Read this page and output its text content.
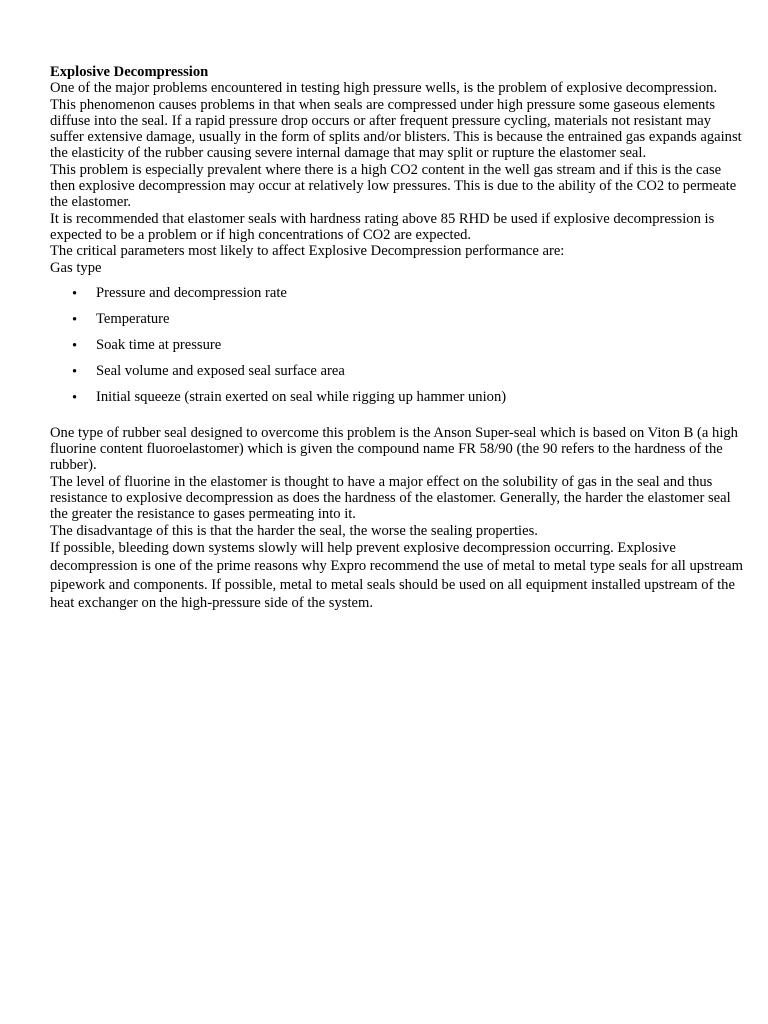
Explosive Decompression

One of the major problems encountered in testing high pressure wells, is the problem of explosive decompression. This phenomenon causes problems in that when seals are compressed under high pressure some gaseous elements diffuse into the seal. If a rapid pressure drop occurs or after frequent pressure cycling, materials not resistant may suffer extensive damage, usually in the form of splits and/or blisters. This is because the entrained gas expands against the elasticity of the rubber causing severe internal damage that may split or rupture the elastomer seal.

This problem is especially prevalent where there is a high CO2 content in the well gas stream and if this is the case then explosive decompression may occur at relatively low pressures. This is due to the ability of the CO2 to permeate the elastomer.

It is recommended that elastomer seals with hardness rating above 85 RHD be used if explosive decompression is expected to be a problem or if high concentrations of CO2 are expected.

The critical parameters most likely to affect Explosive Decompression performance are:

Gas type

• Pressure and decompression rate
• Temperature
• Soak time at pressure
• Seal volume and exposed seal surface area
• Initial squeeze (strain exerted on seal while rigging up hammer union)

One type of rubber seal designed to overcome this problem is the Anson Super-seal which is based on Viton B (a high fluorine content fluoroelastomer) which is given the compound name FR 58/90 (the 90 refers to the hardness of the rubber).

The level of fluorine in the elastomer is thought to have a major effect on the solubility of gas in the seal and thus resistance to explosive decompression as does the hardness of the elastomer. Generally, the harder the elastomer seal the greater the resistance to gases permeating into it.

The disadvantage of this is that the harder the seal, the worse the sealing properties.

If possible, bleeding down systems slowly will help prevent explosive decompression occurring. Explosive decompression is one of the prime reasons why Expro recommend the use of metal to metal type seals for all upstream pipework and components. If possible, metal to metal seals should be used on all equipment installed upstream of the heat exchanger on the high-pressure side of the system.
